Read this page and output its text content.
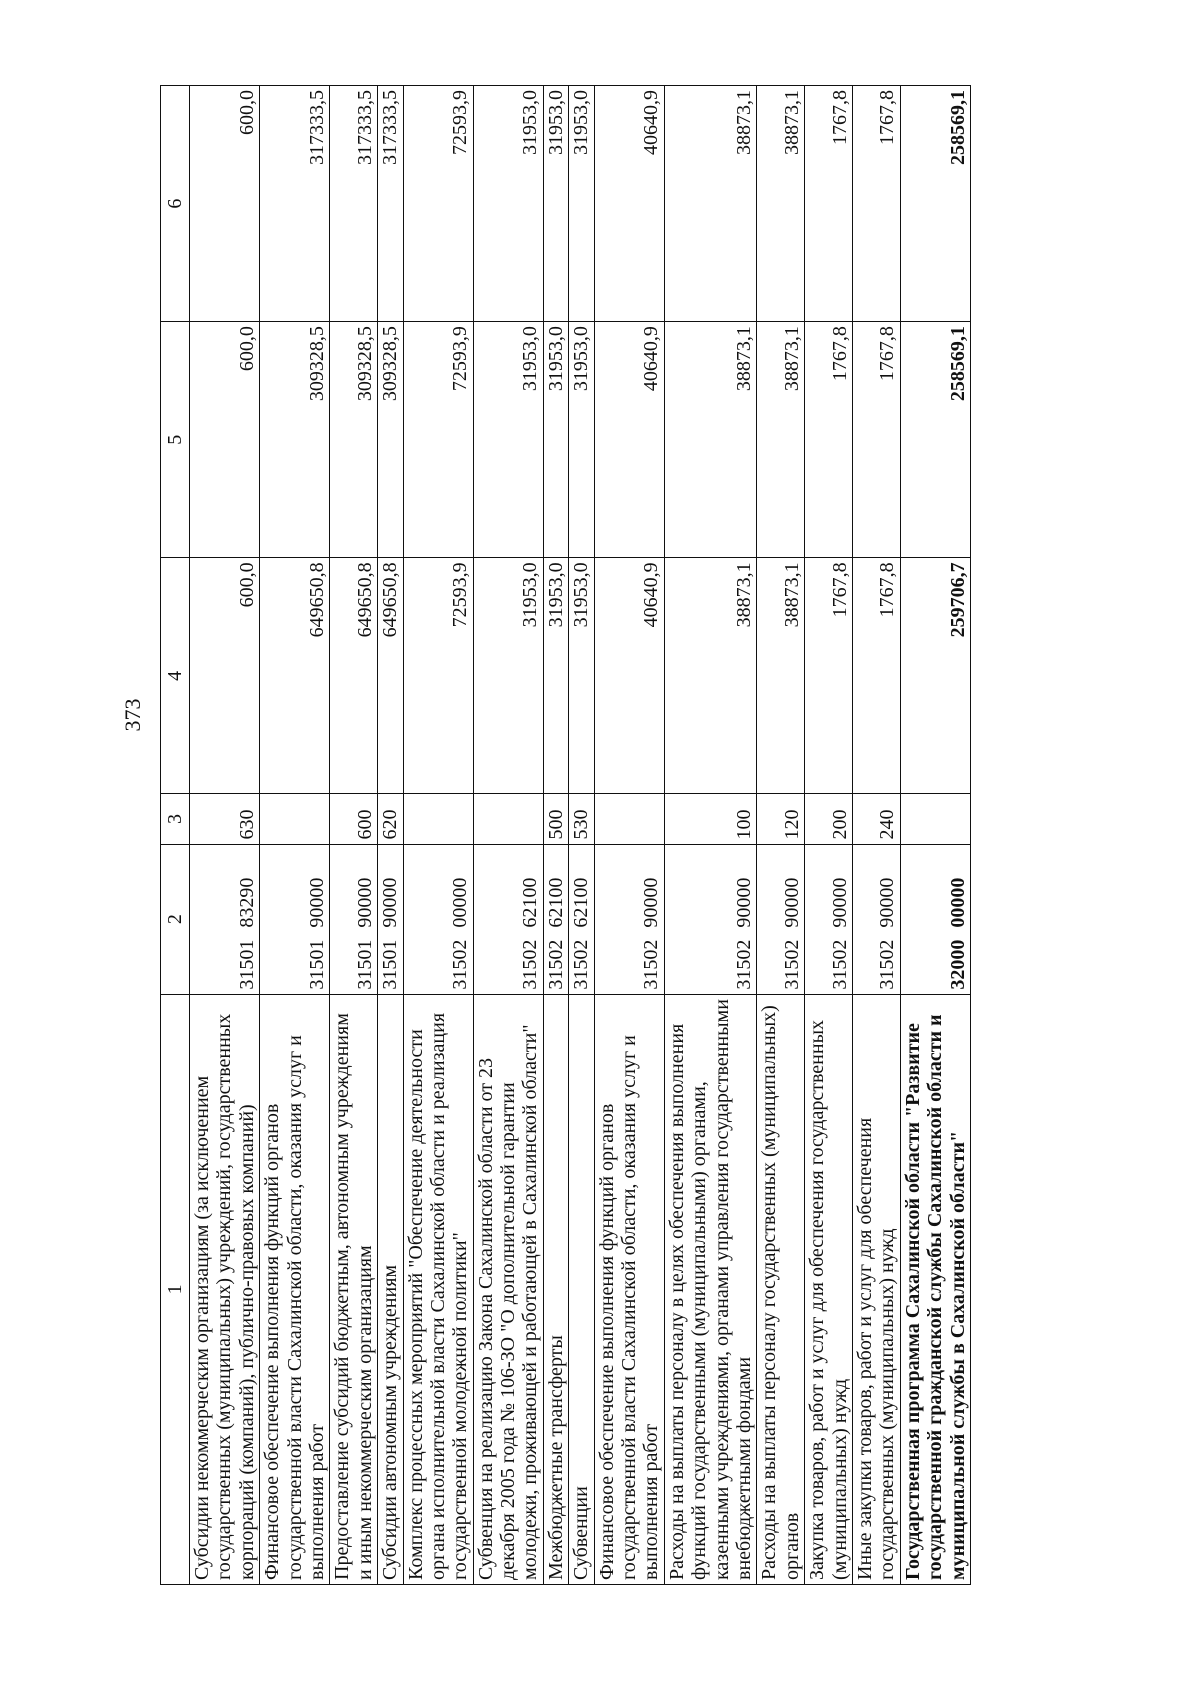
373
1	2	3	4	5	6

Субсидии некоммерческим организациям (за исключением государственных (муниципальных) учреждений, государственных корпораций (компаний), публично-правовых компаний)	3150183290	630	600,0	600,0	600,0

Финансовое обеспечение выполнения функций органов государственной власти Сахалинской области, оказания услуг и выполнения работ	3150190000		649650,8	309328,5	317333,5

Предоставление субсидий бюджетным, автономным учреждениям и иным некоммерческим организациям	3150190000	600	649650,8	309328,5	317333,5

Субсидии автономным учреждениям	3150190000	620	649650,8	309328,5	317333,5

Комплекс процессных мероприятий "Обеспечение деятельности органа исполнительной власти Сахалинской области и реализация государственной молодежной политики"	3150200000		72593,9	72593,9	72593,9

Субвенция на реализацию Закона Сахалинской области от 23 декабря 2005 года № 106-ЗО "О дополнительной гарантии молодежи, проживающей и работающей в Сахалинской области"	3150262100		31953,0	31953,0	31953,0

Межбюджетные трансферты	3150262100	500	31953,0	31953,0	31953,0

Субвенции	3150262100	530	31953,0	31953,0	31953,0

Финансовое обеспечение выполнения функций органов государственной власти Сахалинской области, оказания услуг и выполнения работ	3150290000		40640,9	40640,9	40640,9

Расходы на выплаты персоналу в целях обеспечения выполнения функций государственными (муниципальными) органами, казенными учреждениями, органами управления государственными внебюджетными фондами	3150290000	100	38873,1	38873,1	38873,1

Расходы на выплаты персоналу государственных (муниципальных) органов	3150290000	120	38873,1	38873,1	38873,1

Закупка товаров, работ и услуг для обеспечения государственных (муниципальных) нужд	3150290000	200	1767,8	1767,8	1767,8

Иные закупки товаров, работ и услуг для обеспечения государственных (муниципальных) нужд	3150290000	240	1767,8	1767,8	1767,8

Государственная программа Сахалинской области "Развитие государственной гражданской службы Сахалинской области и муниципальной службы в Сахалинской области"	3200000000		259706,7	258569,1	258569,1
